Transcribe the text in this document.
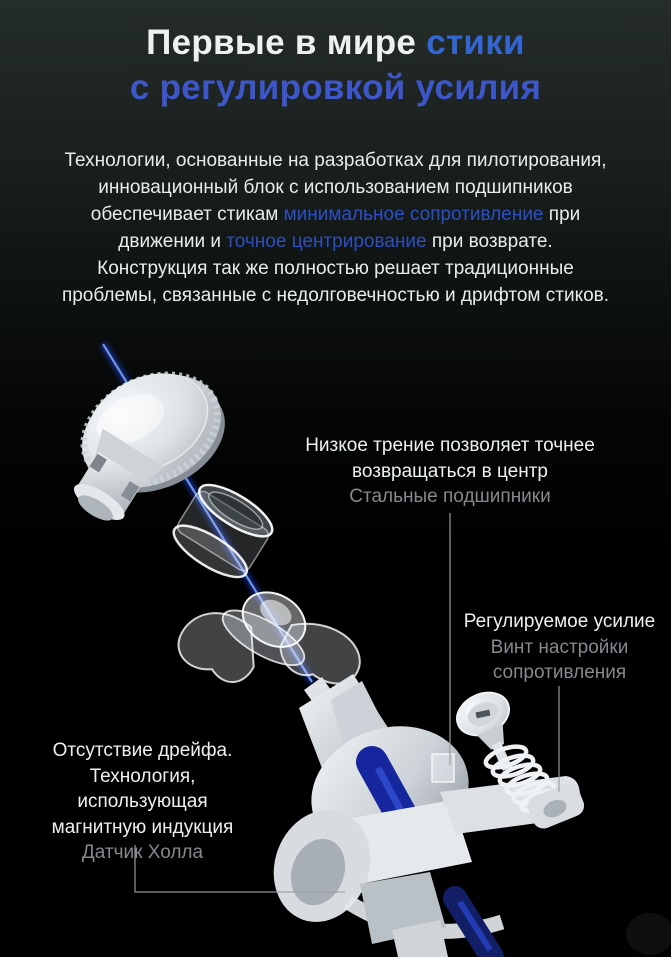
Первые в мире стики
с регулировкой усилия
Технологии, основанные на разработках для пилотирования,
инновационный блок с использованием подшипников
обеспечивает стикам минимальное сопротивление при
движении и точное центрирование при возврате.
Конструкция так же полностью решает традиционные
проблемы, связанные с недолговечностью и дрифтом стиков.
Низкое трение позволяет точнее
возвращаться в центр
Стальные подшипники
Регулируемое усилие
Винт настройки
сопротивления
Отсутствие дрейфа.
Технология, использующая
магнитную индукция
Датчик Холла
